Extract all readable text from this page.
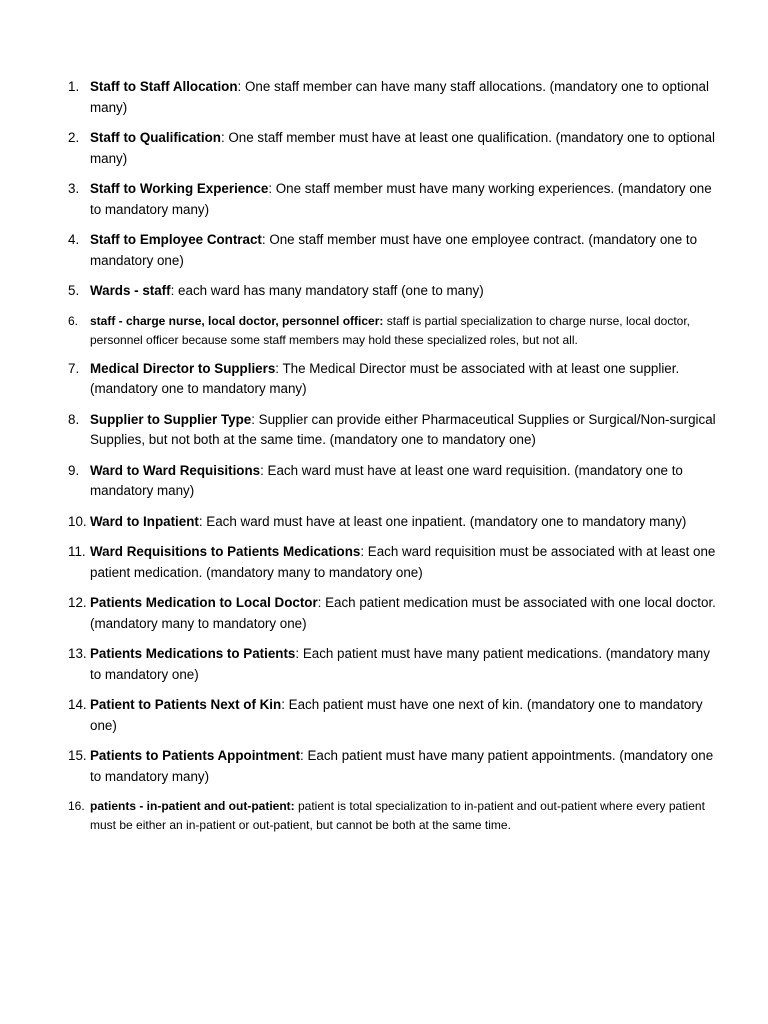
1. Staff to Staff Allocation: One staff member can have many staff allocations. (mandatory one to optional many)
2. Staff to Qualification: One staff member must have at least one qualification. (mandatory one to optional many)
3. Staff to Working Experience: One staff member must have many working experiences. (mandatory one to mandatory many)
4. Staff to Employee Contract: One staff member must have one employee contract. (mandatory one to mandatory one)
5. Wards - staff: each ward has many mandatory staff (one to many)
6. staff - charge nurse, local doctor, personnel officer: staff is partial specialization to charge nurse, local doctor, personnel officer because some staff members may hold these specialized roles, but not all.
7. Medical Director to Suppliers: The Medical Director must be associated with at least one supplier. (mandatory one to mandatory many)
8. Supplier to Supplier Type: Supplier can provide either Pharmaceutical Supplies or Surgical/Non-surgical Supplies, but not both at the same time. (mandatory one to mandatory one)
9. Ward to Ward Requisitions: Each ward must have at least one ward requisition. (mandatory one to mandatory many)
10. Ward to Inpatient: Each ward must have at least one inpatient. (mandatory one to mandatory many)
11. Ward Requisitions to Patients Medications: Each ward requisition must be associated with at least one patient medication. (mandatory many to mandatory one)
12. Patients Medication to Local Doctor: Each patient medication must be associated with one local doctor. (mandatory many to mandatory one)
13. Patients Medications to Patients: Each patient must have many patient medications. (mandatory many to mandatory one)
14. Patient to Patients Next of Kin: Each patient must have one next of kin. (mandatory one to mandatory one)
15. Patients to Patients Appointment: Each patient must have many patient appointments. (mandatory one to mandatory many)
16. patients - in-patient and out-patient: patient is total specialization to in-patient and out-patient where every patient must be either an in-patient or out-patient, but cannot be both at the same time.
